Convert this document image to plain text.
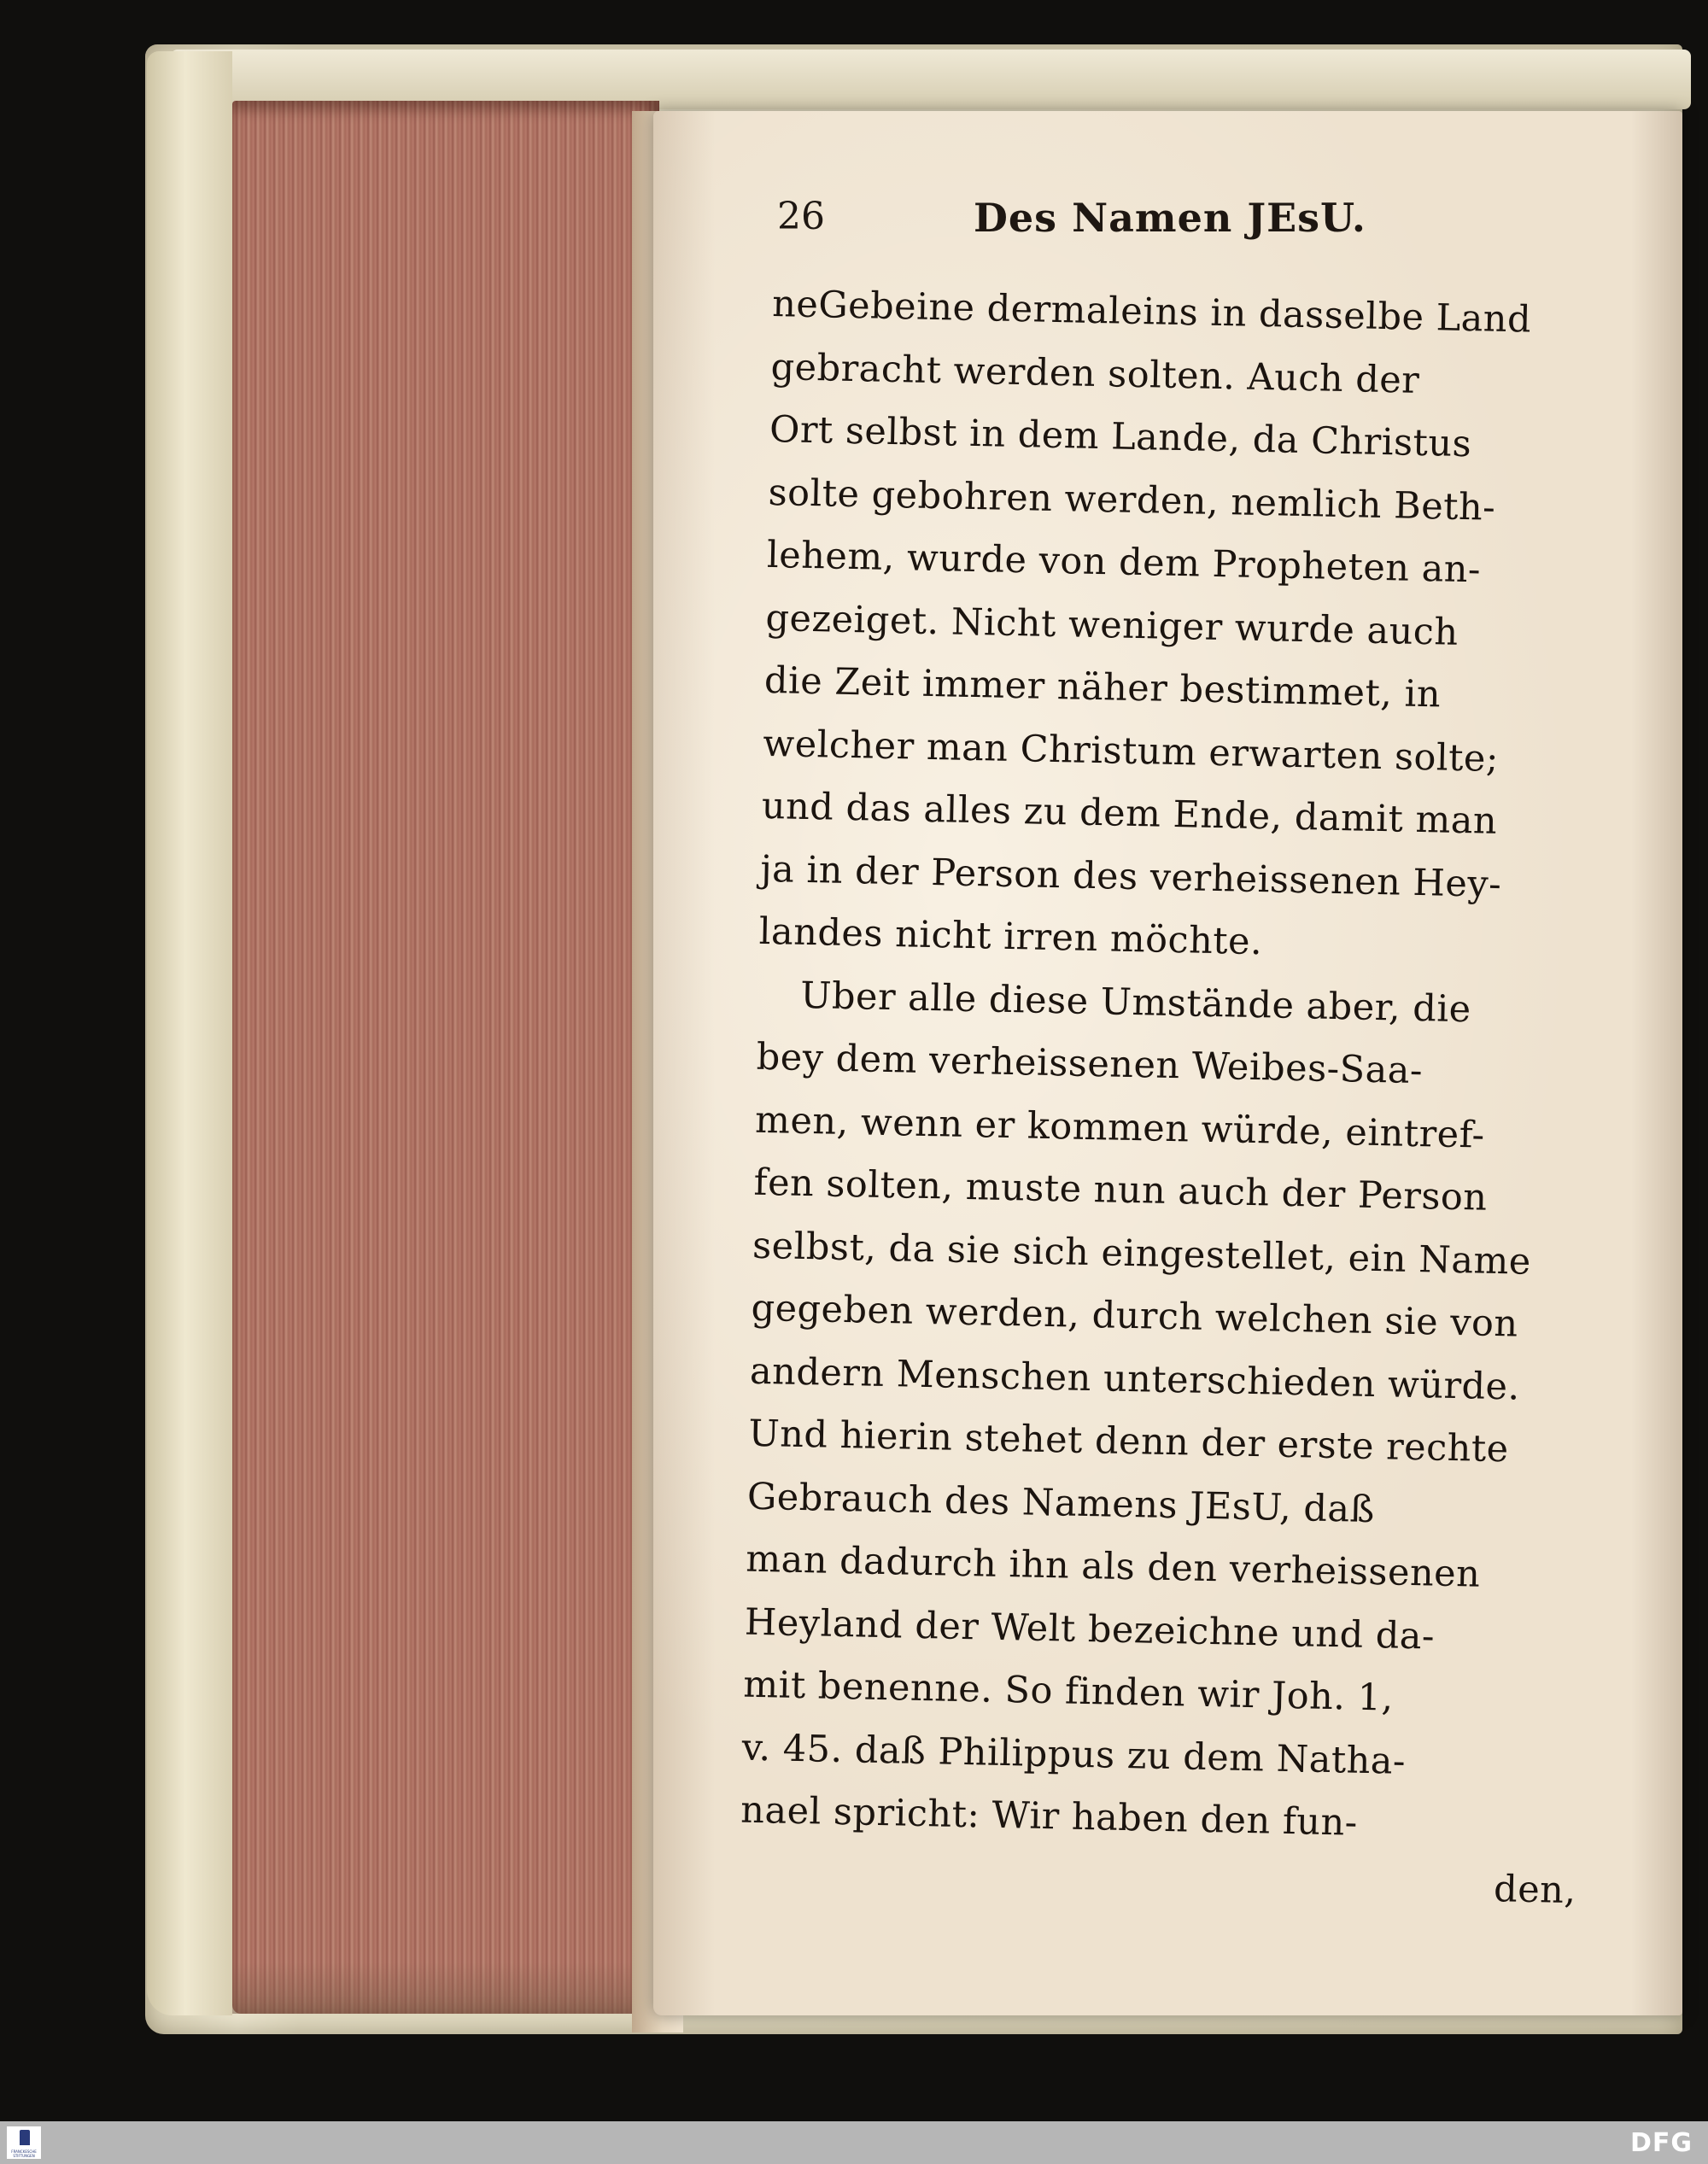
26	Des Namen JEsU.
neGebeine dermaleins in dasselbe Land
gebracht werden solten. Auch der
Ort selbst in dem Lande, da Christus
solte gebohren werden, nemlich Beth-
lehem, wurde von dem Propheten an-
gezeiget. Nicht weniger wurde auch
die Zeit immer näher bestimmet, in
welcher man Christum erwarten solte;
und das alles zu dem Ende, damit man
ja in der Person des verheissenen Hey-
landes nicht irren möchte.
Uber alle diese Umstände aber, die
bey dem verheissenen Weibes-Saa-
men, wenn er kommen würde, eintref-
fen solten, muste nun auch der Person
selbst, da sie sich eingestellet, ein Name
gegeben werden, durch welchen sie von
andern Menschen unterschieden würde.
Und hierin stehet denn der erste rechte
Gebrauch des Namens JEsU, daß
man dadurch ihn als den verheissenen
Heyland der Welt bezeichne und da-
mit benenne. So finden wir Joh. 1,
v. 45. daß Philippus zu dem Natha-
nael spricht: Wir haben den fun-
den,
FRANCKESCHE STIFTUNGEN	DFG
